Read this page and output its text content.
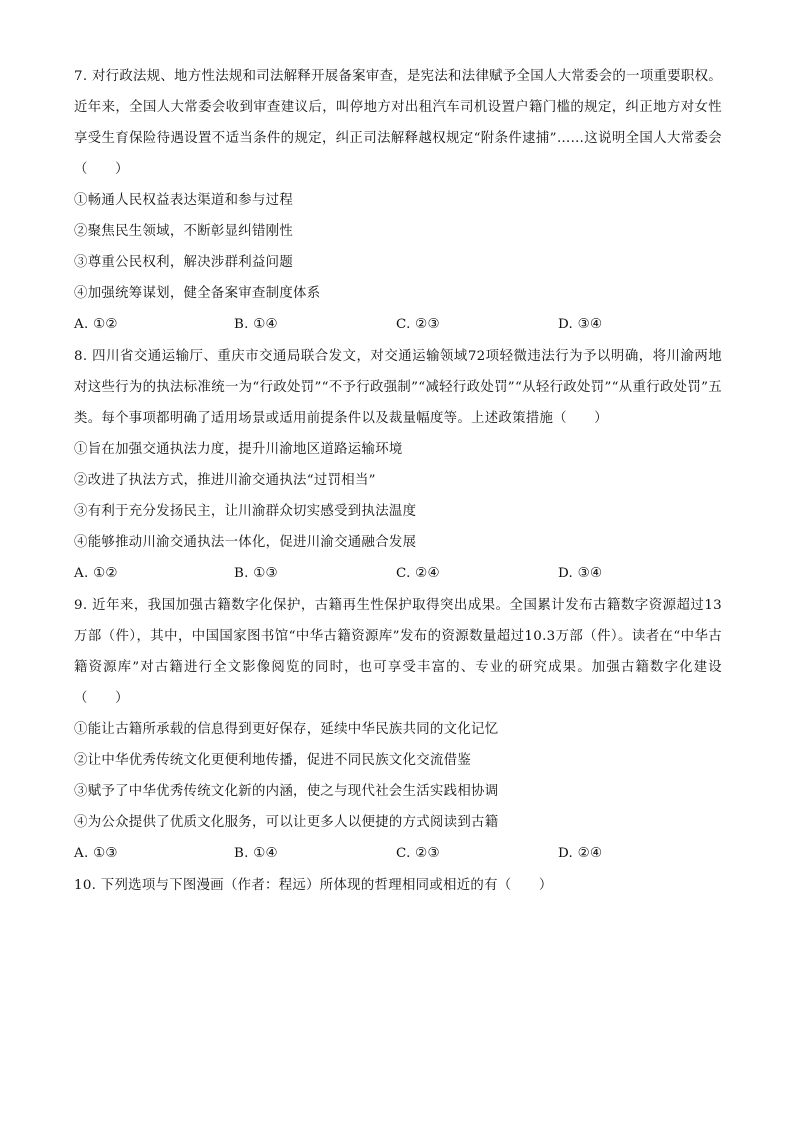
7. 对行政法规、地方性法规和司法解释开展备案审查，是宪法和法律赋予全国人大常委会的一项重要职权。近年来，全国人大常委会收到审查建议后，叫停地方对出租汽车司机设置户籍门槛的规定，纠正地方对女性享受生育保险待遇设置不适当条件的规定，纠正司法解释越权规定“附条件逮捕”……这说明全国人大常委会（　　）

①畅通人民权益表达渠道和参与过程

②聚焦民生领域，不断彰显纠错刚性

③尊重公民权利，解决涉群利益问题

④加强统筹谋划，健全备案审查制度体系

A. ①②	B. ①④	C. ②③	D. ③④

8. 四川省交通运输厅、重庆市交通局联合发文，对交通运输领域72项轻微违法行为予以明确，将川渝两地对这些行为的执法标准统一为“行政处罚”“不予行政强制”“减轻行政处罚”“从轻行政处罚”“从重行政处罚”五类。每个事项都明确了适用场景或适用前提条件以及裁量幅度等。上述政策措施（　　）

①旨在加强交通执法力度，提升川渝地区道路运输环境

②改进了执法方式，推进川渝交通执法“过罚相当”

③有利于充分发扬民主，让川渝群众切实感受到执法温度

④能够推动川渝交通执法一体化，促进川渝交通融合发展

A. ①②	B. ①③	C. ②④	D. ③④

9. 近年来，我国加强古籍数字化保护，古籍再生性保护取得突出成果。全国累计发布古籍数字资源超过13万部（件），其中，中国国家图书馆“中华古籍资源库”发布的资源数量超过10.3万部（件）。读者在“中华古籍资源库”对古籍进行全文影像阅览的同时，也可享受丰富的、专业的研究成果。加强古籍数字化建设（　　）

①能让古籍所承载的信息得到更好保存，延续中华民族共同的文化记忆

②让中华优秀传统文化更便利地传播，促进不同民族文化交流借鉴

③赋予了中华优秀传统文化新的内涵，使之与现代社会生活实践相协调

④为公众提供了优质文化服务，可以让更多人以便捷的方式阅读到古籍

A. ①③	B. ①④	C. ②③	D. ②④

10. 下列选项与下图漫画（作者：程远）所体现的哲理相同或相近的有（　　）
